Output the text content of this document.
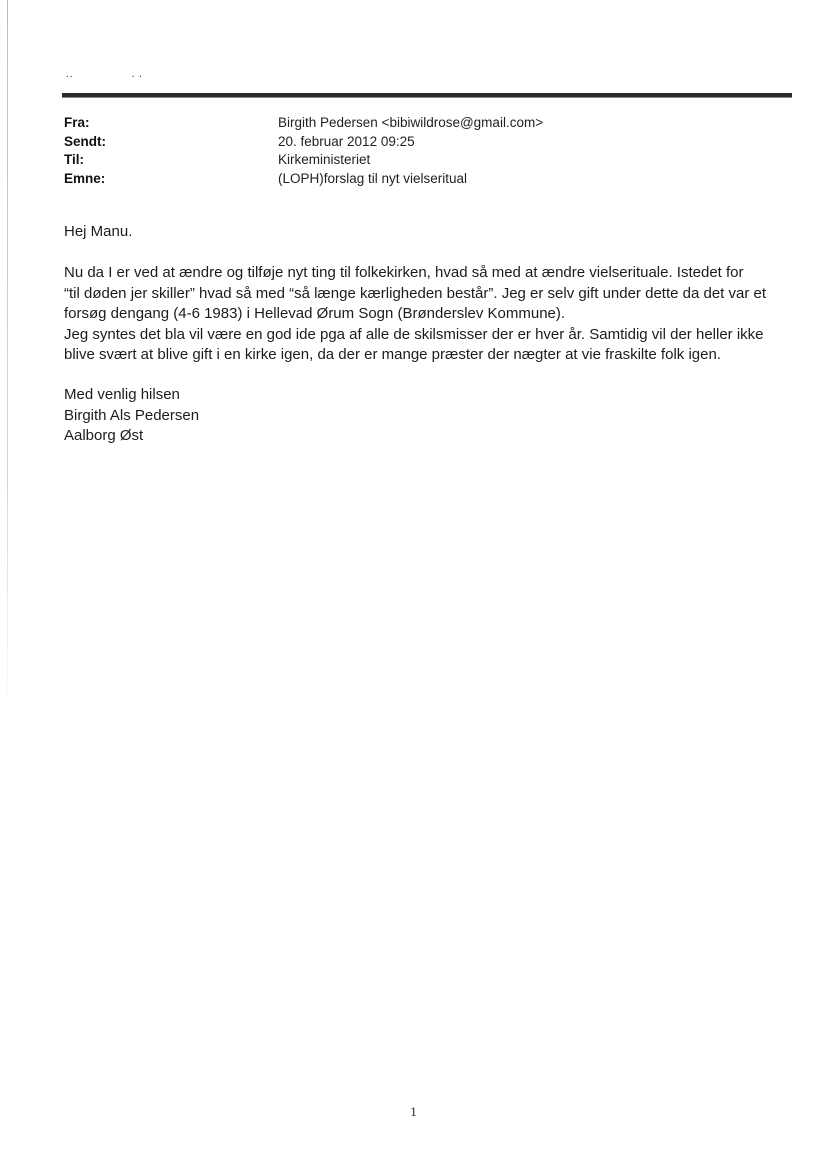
..	. .
Fra:	Birgith Pedersen <bibiwildrose@gmail.com>
Sendt:	20. februar 2012 09:25
Til:	Kirkeministeriet
Emne:	(LOPH)forslag til nyt vielseritual
Hej Manu.

Nu da I er ved at ændre og tilføje nyt ting til folkekirken, hvad så med at ændre vielserituale. Istedet for

“til døden jer skiller” hvad så med “så længe kærligheden består”. Jeg er selv gift under dette da det var et

forsøg dengang (4-6 1983) i Hellevad Ørum Sogn (Brønderslev Kommune).

Jeg syntes det bla vil være en god ide pga af alle de skilsmisser der er hver år. Samtidig vil der heller ikke

blive svært at blive gift i en kirke igen, da der er mange præster der nægter at vie fraskilte folk igen.

Med venlig hilsen
Birgith Als Pedersen
Aalborg Øst
1
